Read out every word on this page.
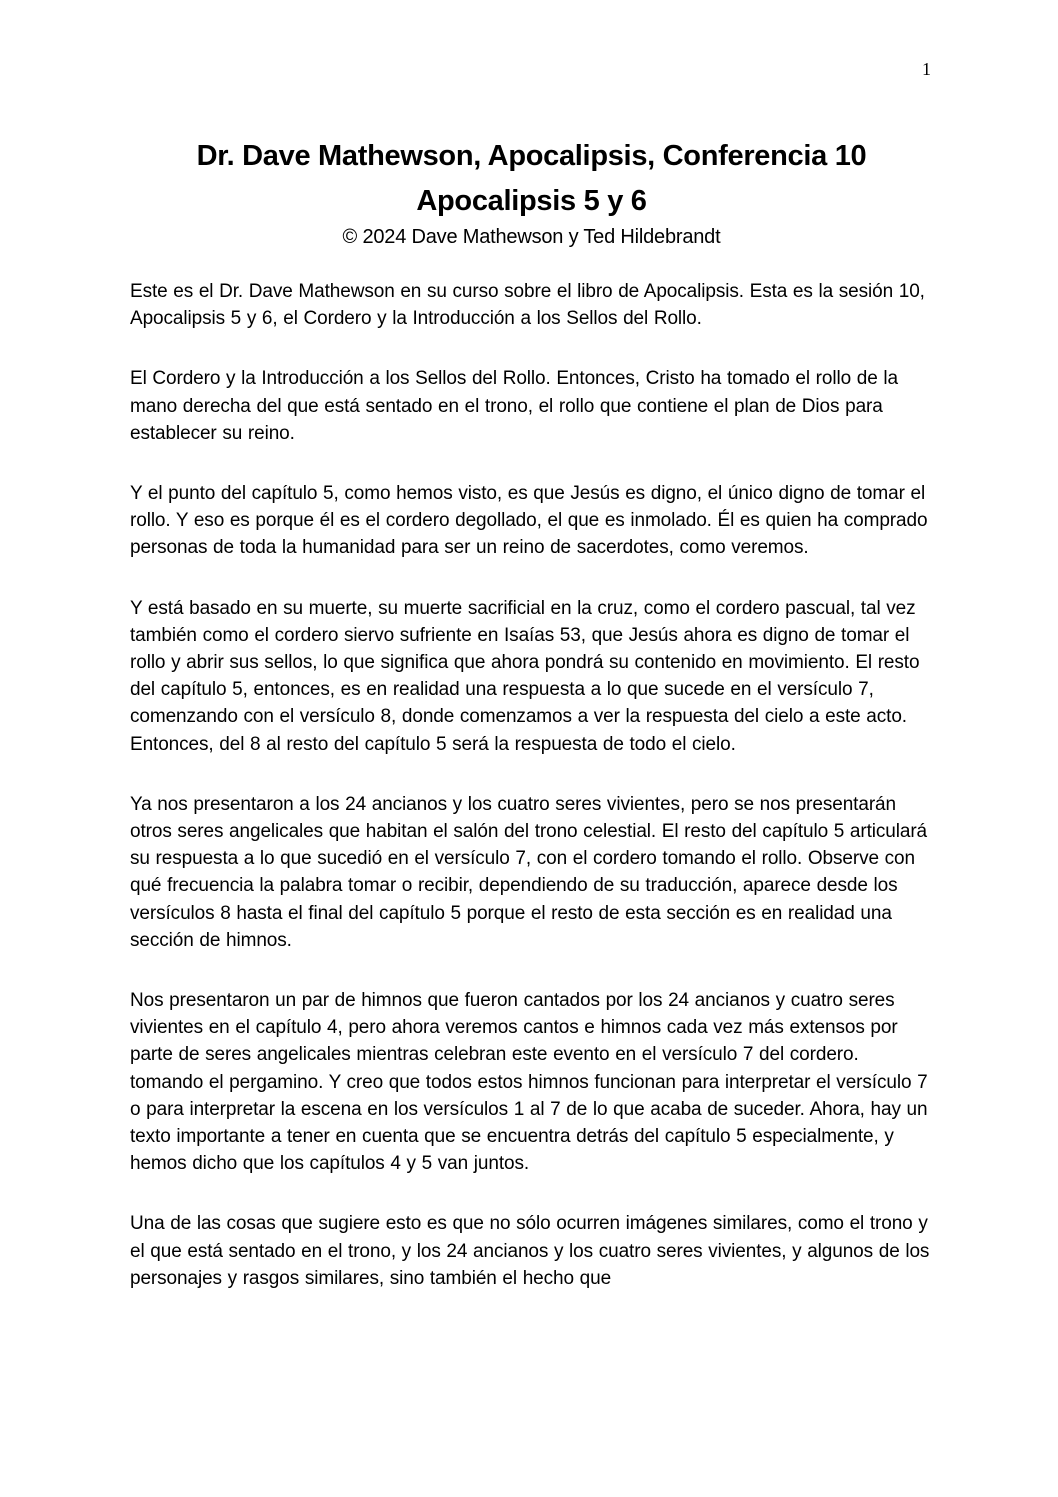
1
Dr. Dave Mathewson, Apocalipsis, Conferencia 10
Apocalipsis 5 y 6
© 2024 Dave Mathewson y Ted Hildebrandt

Este es el Dr. Dave Mathewson en su curso sobre el libro de Apocalipsis. Esta es la sesión 10, Apocalipsis 5 y 6, el Cordero y la Introducción a los Sellos del Rollo.

El Cordero y la Introducción a los Sellos del Rollo. Entonces, Cristo ha tomado el rollo de la mano derecha del que está sentado en el trono, el rollo que contiene el plan de Dios para establecer su reino.

Y el punto del capítulo 5, como hemos visto, es que Jesús es digno, el único digno de tomar el rollo. Y eso es porque él es el cordero degollado, el que es inmolado. Él es quien ha comprado personas de toda la humanidad para ser un reino de sacerdotes, como veremos.

Y está basado en su muerte, su muerte sacrificial en la cruz, como el cordero pascual, tal vez también como el cordero siervo sufriente en Isaías 53, que Jesús ahora es digno de tomar el rollo y abrir sus sellos, lo que significa que ahora pondrá su contenido en movimiento. El resto del capítulo 5, entonces, es en realidad una respuesta a lo que sucede en el versículo 7, comenzando con el versículo 8, donde comenzamos a ver la respuesta del cielo a este acto. Entonces, del 8 al resto del capítulo 5 será la respuesta de todo el cielo.

Ya nos presentaron a los 24 ancianos y los cuatro seres vivientes, pero se nos presentarán otros seres angelicales que habitan el salón del trono celestial. El resto del capítulo 5 articulará su respuesta a lo que sucedió en el versículo 7, con el cordero tomando el rollo. Observe con qué frecuencia la palabra tomar o recibir, dependiendo de su traducción, aparece desde los versículos 8 hasta el final del capítulo 5 porque el resto de esta sección es en realidad una sección de himnos.

Nos presentaron un par de himnos que fueron cantados por los 24 ancianos y cuatro seres vivientes en el capítulo 4, pero ahora veremos cantos e himnos cada vez más extensos por parte de seres angelicales mientras celebran este evento en el versículo 7 del cordero. tomando el pergamino. Y creo que todos estos himnos funcionan para interpretar el versículo 7 o para interpretar la escena en los versículos 1 al 7 de lo que acaba de suceder. Ahora, hay un texto importante a tener en cuenta que se encuentra detrás del capítulo 5 especialmente, y hemos dicho que los capítulos 4 y 5 van juntos.

Una de las cosas que sugiere esto es que no sólo ocurren imágenes similares, como el trono y el que está sentado en el trono, y los 24 ancianos y los cuatro seres vivientes, y algunos de los personajes y rasgos similares, sino también el hecho que
